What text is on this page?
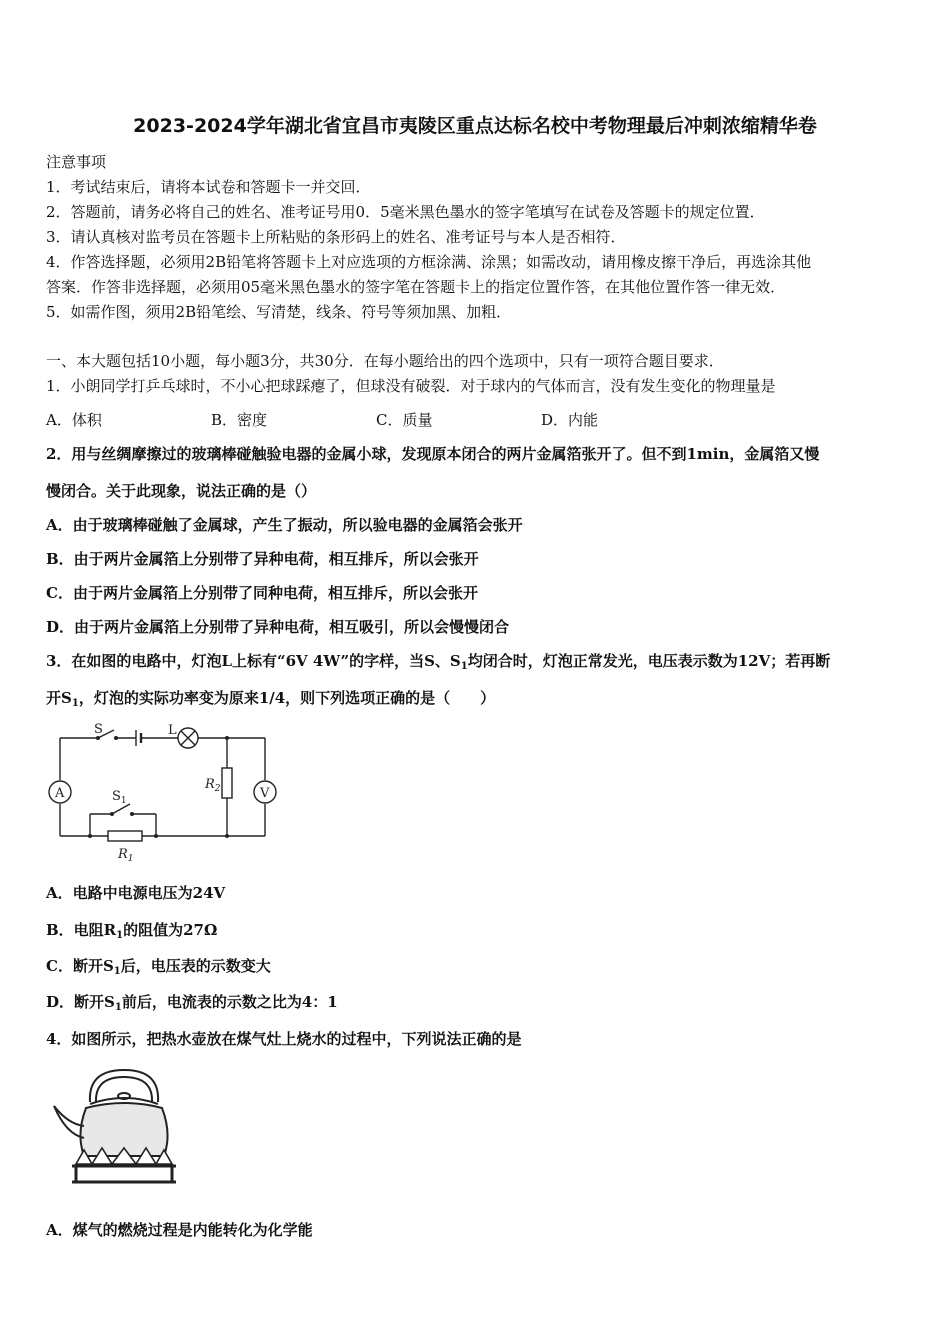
2023-2024学年湖北省宜昌市夷陵区重点达标名校中考物理最后冲刺浓缩精华卷
注意事项
1．考试结束后，请将本试卷和答题卡一并交回．
2．答题前，请务必将自己的姓名、准考证号用0．5毫米黑色墨水的签字笔填写在试卷及答题卡的规定位置．
3．请认真核对监考员在答题卡上所粘贴的条形码上的姓名、准考证号与本人是否相符．
4．作答选择题，必须用2B铅笔将答题卡上对应选项的方框涂满、涂黑；如需改动，请用橡皮擦干净后，再选涂其他
答案．作答非选择题，必须用05毫米黑色墨水的签字笔在答题卡上的指定位置作答，在其他位置作答一律无效．
5．如需作图，须用2B铅笔绘、写清楚，线条、符号等须加黑、加粗．
一、本大题包括10小题，每小题3分，共30分．在每小题给出的四个选项中，只有一项符合题目要求．
1．小朗同学打乒乓球时，不小心把球踩瘪了，但球没有破裂．对于球内的气体而言，没有发生变化的物理量是
A．体积	B．密度	C．质量	D．内能
2．用与丝绸摩擦过的玻璃棒碰触验电器的金属小球，发现原本闭合的两片金属箔张开了。但不到1min，金属箔又慢
慢闭合。关于此现象，说法正确的是（）
A．由于玻璃棒碰触了金属球，产生了振动，所以验电器的金属箔会张开
B．由于两片金属箔上分别带了异种电荷，相互排斥，所以会张开
C．由于两片金属箔上分别带了同种电荷，相互排斥，所以会张开
D．由于两片金属箔上分别带了异种电荷，相互吸引，所以会慢慢闭合
3．在如图的电路中，灯泡L上标有“6V 4W”的字样，当S、$S_1$均闭合时，灯泡正常发光，电压表示数为12V；若再断
开$S_1$，灯泡的实际功率变为原来1/4，则下列选项正确的是（　　）
S	L
A	V
$S_1$
$R_1$
$R_2$
A．电路中电源电压为24V
B．电阻$R_1$的阻值为27Ω
C．断开$S_1$后，电压表的示数变大
D．断开$S_1$前后，电流表的示数之比为4：1
4．如图所示，把热水壶放在煤气灶上烧水的过程中，下列说法正确的是
A．煤气的燃烧过程是内能转化为化学能
